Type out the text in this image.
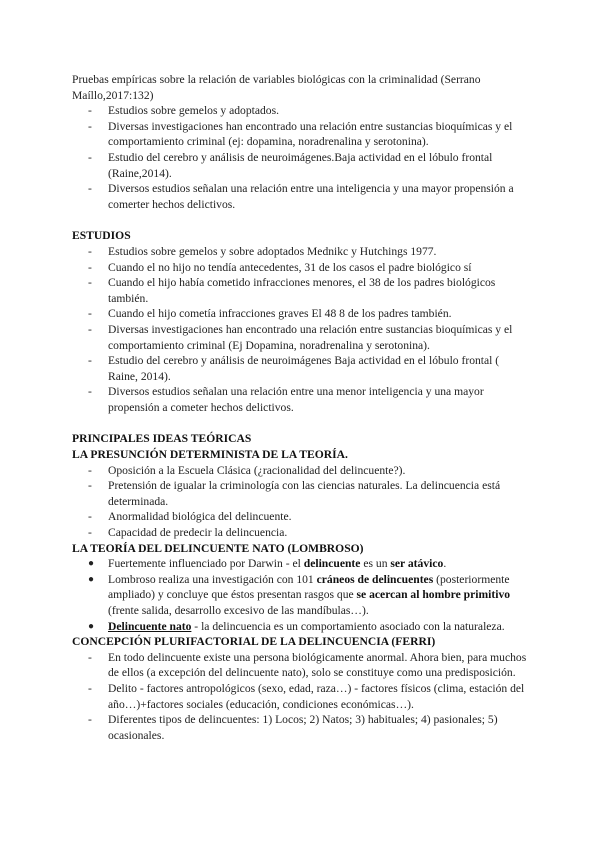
Pruebas empíricas sobre la relación de variables biológicas con la criminalidad (Serrano Maíllo,2017:132)

- Estudios sobre gemelos y adoptados.
- Diversas investigaciones han encontrado una relación entre sustancias bioquímicas y el comportamiento criminal (ej: dopamina, noradrenalina y serotonina).
- Estudio del cerebro y análisis de neuroimágenes.Baja actividad en el lóbulo frontal (Raine,2014).
- Diversos estudios señalan una relación entre una inteligencia y una mayor propensión a comerter hechos delictivos.

ESTUDIOS

- Estudios sobre gemelos y sobre adoptados Mednikc y Hutchings 1977.
- Cuando el no hijo no tendía antecedentes, 31 de los casos el padre biológico sí
- Cuando el hijo había cometido infracciones menores, el 38 de los padres biológicos también.
- Cuando el hijo cometía infracciones graves El 48 8 de los padres también.
- Diversas investigaciones han encontrado una relación entre sustancias bioquímicas y el comportamiento criminal (Ej Dopamina, noradrenalina y serotonina).
- Estudio del cerebro y análisis de neuroimágenes Baja actividad en el lóbulo frontal ( Raine, 2014).
- Diversos estudios señalan una relación entre una menor inteligencia y una mayor propensión a cometer hechos delictivos.

PRINCIPALES IDEAS TEÓRICAS

LA PRESUNCIÓN DETERMINISTA DE LA TEORÍA.

- Oposición a la Escuela Clásica (¿racionalidad del delincuente?).
- Pretensión de igualar la criminología con las ciencias naturales. La delincuencia está determinada.
- Anormalidad biológica del delincuente.
- Capacidad de predecir la delincuencia.

LA TEORÍA DEL DELINCUENTE NATO (LOMBROSO)

● Fuertemente influenciado por Darwin - el delincuente es un ser atávico.
● Lombroso realiza una investigación con 101 cráneos de delincuentes (posteriormente ampliado) y concluye que éstos presentan rasgos que se acercan al hombre primitivo (frente salida, desarrollo excesivo de las mandíbulas…).
● Delincuente nato - la delincuencia es un comportamiento asociado con la naturaleza.

CONCEPCIÓN PLURIFACTORIAL DE LA DELINCUENCIA (FERRI)

- En todo delincuente existe una persona biológicamente anormal. Ahora bien, para muchos de ellos (a excepción del delincuente nato), solo se constituye como una predisposición.
- Delito - factores antropológicos (sexo, edad, raza…) - factores físicos (clima, estación del año…)+factores sociales (educación, condiciones económicas…).
- Diferentes tipos de delincuentes: 1) Locos; 2) Natos; 3) habituales; 4) pasionales; 5) ocasionales.
